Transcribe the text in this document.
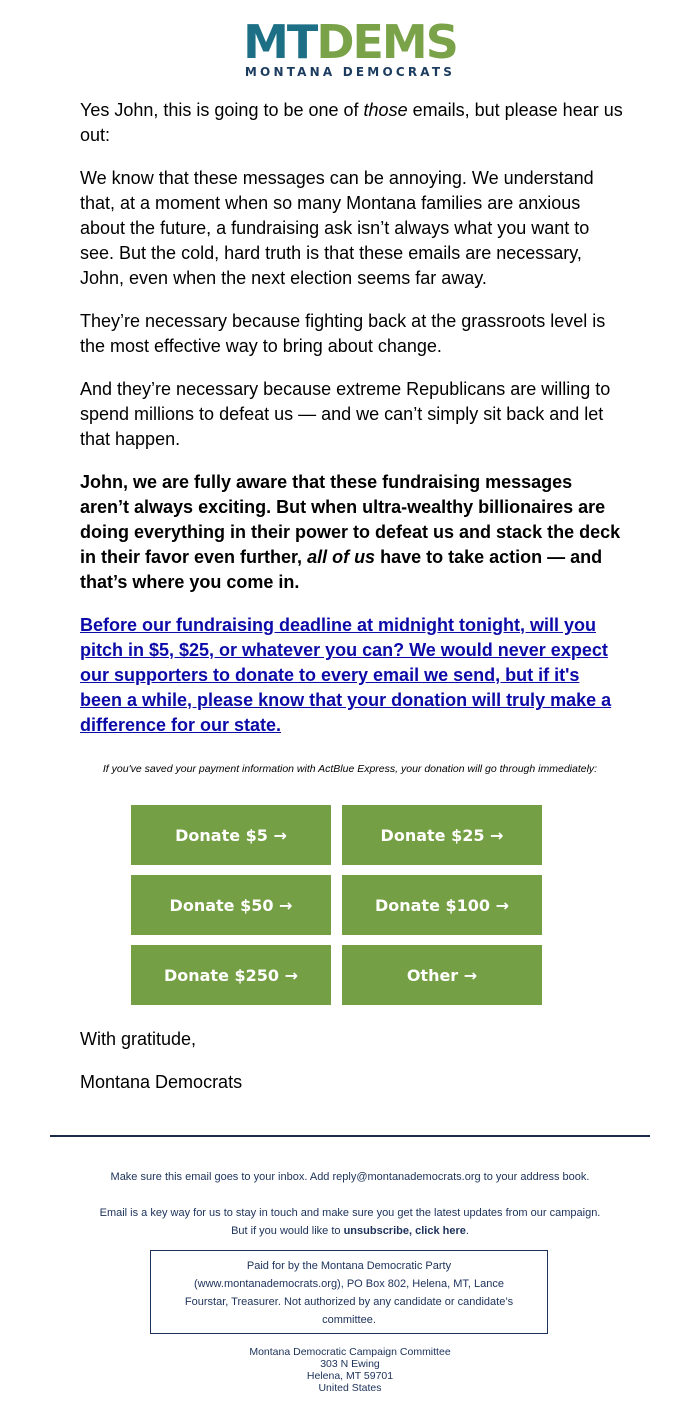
MTDEMS
MONTANA DEMOCRATS

Yes John, this is going to be one of those emails, but please hear us out:

We know that these messages can be annoying. We understand that, at a moment when so many Montana families are anxious about the future, a fundraising ask isn’t always what you want to see. But the cold, hard truth is that these emails are necessary, John, even when the next election seems far away.

They’re necessary because fighting back at the grassroots level is the most effective way to bring about change.

And they’re necessary because extreme Republicans are willing to spend millions to defeat us — and we can’t simply sit back and let that happen.

John, we are fully aware that these fundraising messages aren’t always exciting. But when ultra-wealthy billionaires are doing everything in their power to defeat us and stack the deck in their favor even further, all of us have to take action — and that’s where you come in.

Before our fundraising deadline at midnight tonight, will you pitch in $5, $25, or whatever you can? We would never expect our supporters to donate to every email we send, but if it's been a while, please know that your donation will truly make a difference for our state.

If you've saved your payment information with ActBlue Express, your donation will go through immediately:
Donate $5 →	Donate $25 →
Donate $50 →	Donate $100 →
Donate $250 →	Other →
With gratitude,
Montana Democrats
Make sure this email goes to your inbox. Add reply@montanademocrats.org to your address book.
Email is a key way for us to stay in touch and make sure you get the latest updates from our campaign.
But if you would like to unsubscribe, click here.
Paid for by the Montana Democratic Party (www.montanademocrats.org), PO Box 802, Helena, MT, Lance Fourstar, Treasurer. Not authorized by any candidate or candidate’s committee.
Montana Democratic Campaign Committee
303 N Ewing
Helena, MT 59701
United States
